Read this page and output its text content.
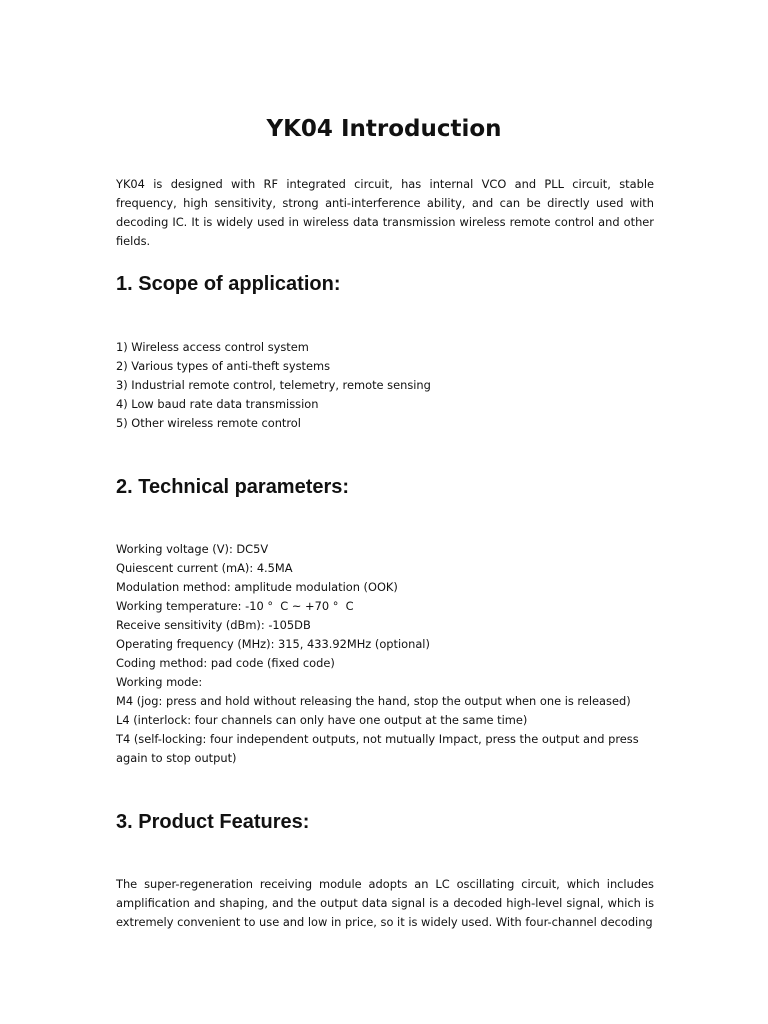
YK04 Introduction

YK04 is designed with RF integrated circuit, has internal VCO and PLL circuit, stable frequency, high sensitivity, strong anti-interference ability, and can be directly used with decoding IC. It is widely used in wireless data transmission wireless remote control and other fields.

1. Scope of application:
1) Wireless access control system
2) Various types of anti-theft systems
3) Industrial remote control, telemetry, remote sensing
4) Low baud rate data transmission
5) Other wireless remote control
2. Technical parameters:
Working voltage (V): DC5V
Quiescent current (mA): 4.5MA
Modulation method: amplitude modulation (OOK)
Working temperature: -10 °  C ~ +70 °  C
Receive sensitivity (dBm): -105DB
Operating frequency (MHz): 315, 433.92MHz (optional)
Coding method: pad code (fixed code)
Working mode:
M4 (jog: press and hold without releasing the hand, stop the output when one is released)
L4 (interlock: four channels can only have one output at the same time)
T4 (self-locking: four independent outputs, not mutually Impact, press the output and press again to stop output)
3. Product Features:

The super-regeneration receiving module adopts an LC oscillating circuit, which includes amplification and shaping, and the output data signal is a decoded high-level signal, which is extremely convenient to use and low in price, so it is widely used. With four-channel decoding
